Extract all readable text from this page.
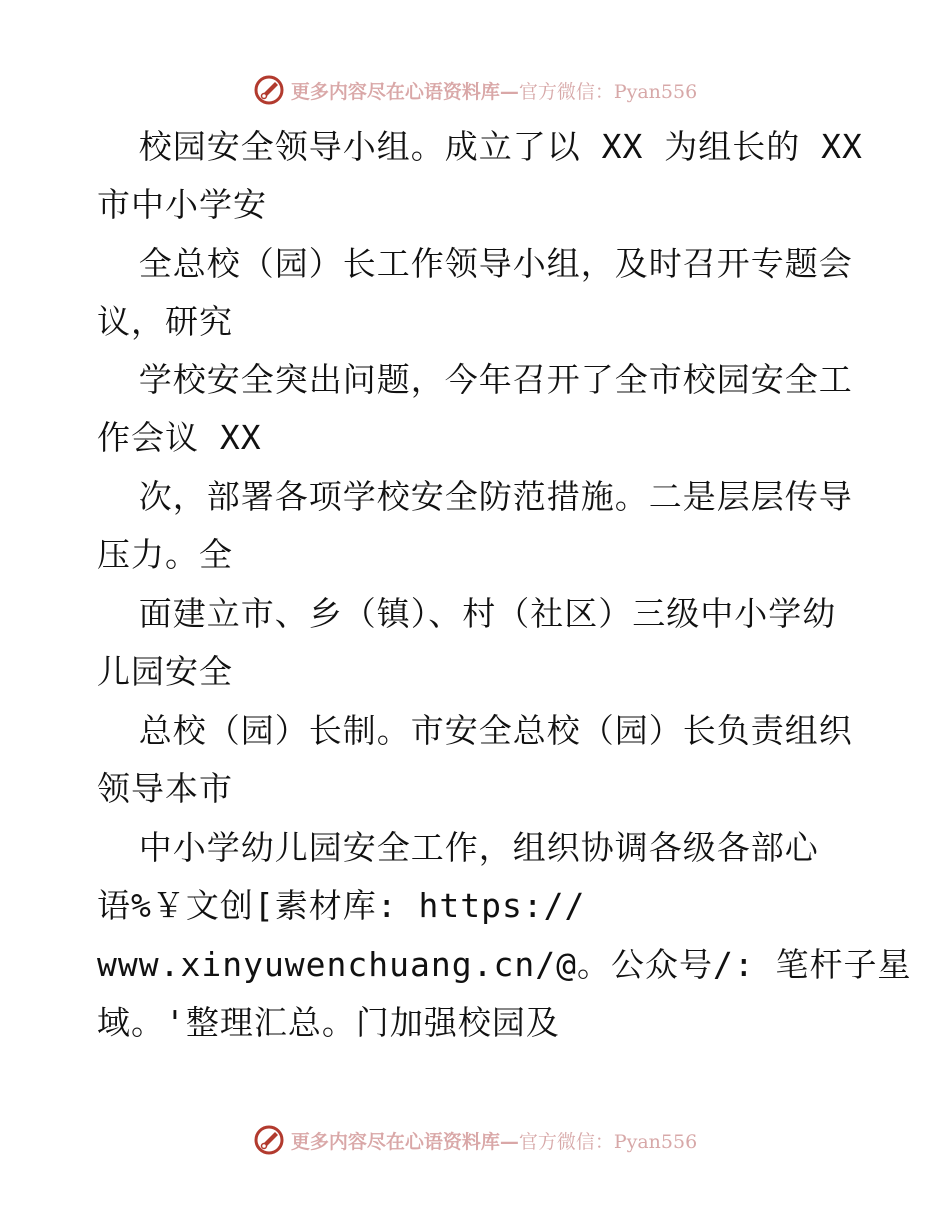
更多内容尽在心语资料库—官方微信：Pyan556
校园安全领导小组。成立了以 XX 为组长的 XX
市中小学安
全总校（园）长工作领导小组，及时召开专题会
议，研究
学校安全突出问题，今年召开了全市校园安全工
作会议 XX
次，部署各项学校安全防范措施。二是层层传导
压力。全
面建立市、乡（镇）、村（社区）三级中小学幼
儿园安全
总校（园）长制。市安全总校（园）长负责组织
领导本市
中小学幼儿园安全工作，组织协调各级各部心
语%￥文创[素材库: https://
www.xinyuwenchuang.cn/@。公众号/: 笔杆子星
域。'整理汇总。门加强校园及
更多内容尽在心语资料库—官方微信：Pyan556
